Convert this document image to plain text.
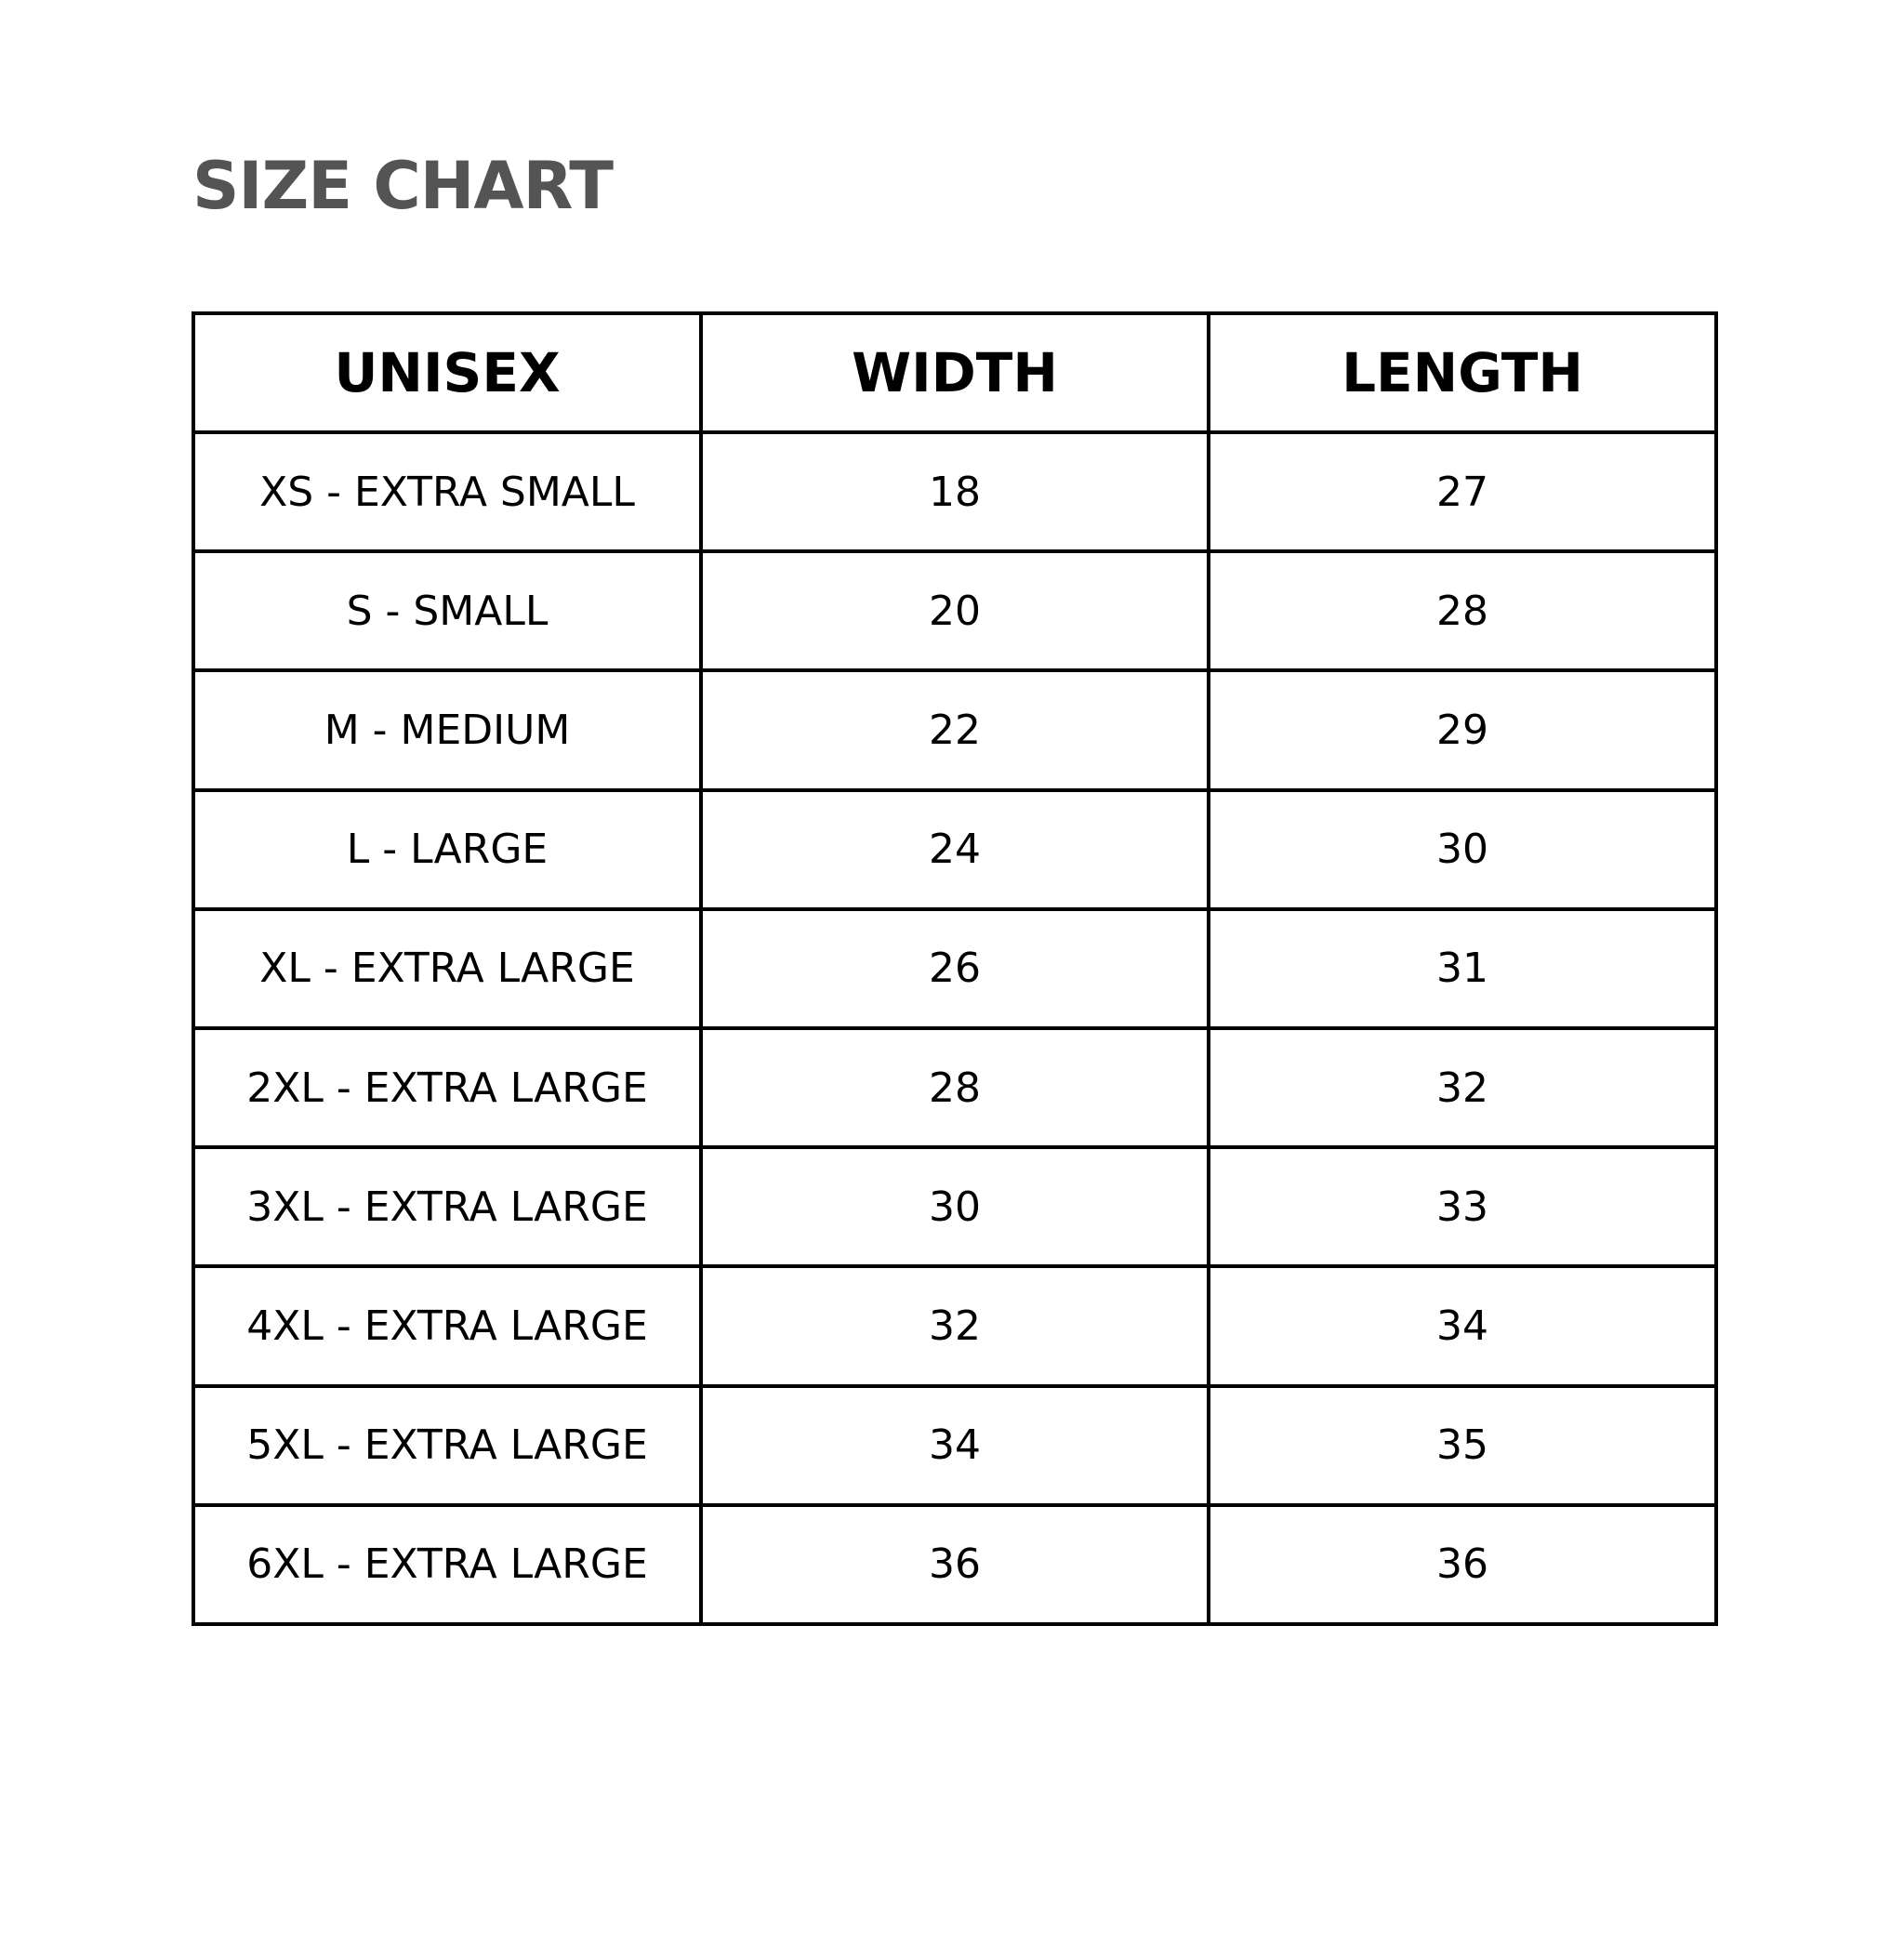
SIZE CHART
UNISEX	WIDTH	LENGTH
XS - EXTRA SMALL	18	27
S - SMALL	20	28
M - MEDIUM	22	29
L - LARGE	24	30
XL - EXTRA LARGE	26	31
2XL - EXTRA LARGE	28	32
3XL - EXTRA LARGE	30	33
4XL - EXTRA LARGE	32	34
5XL - EXTRA LARGE	34	35
6XL - EXTRA LARGE	36	36
